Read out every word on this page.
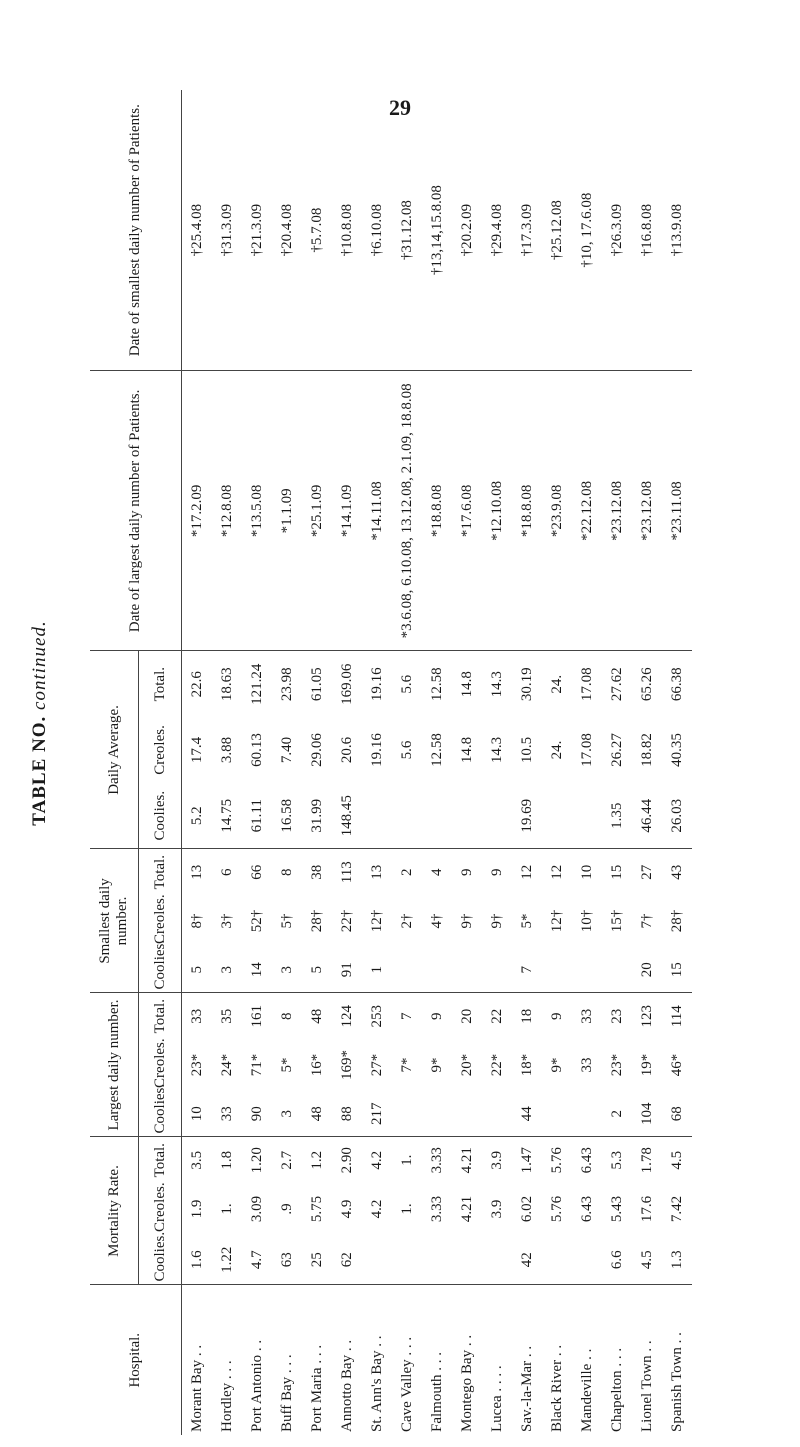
29
TABLE NO. continued.
Hospital.	Mortality Rate.			Largest daily number.			Smallest daily number.			Daily Average.			Date of largest daily number of Patients.	Date of smallest daily number of Patients.
	Coolies.	Creoles.	Total.	Coolies.	Creoles.	Total.	Coolies.	Creoles.	Total.	Coolies.	Creoles.	Total.		
Morant Bay . .	1.6	1.9	3.5	10	23*	33	5	8†	13	5.2	17.4	22.6	*17.2.09	†25.4.08
Hordley . . .	1.22	1.	1.8	33	24*	35	3	3†	6	14.75	3.88	18.63	*12.8.08	†31.3.09
Port Antonio . .	4.7	3.09	1.20	90	71*	161	14	52†	66	61.11	60.13	121.24	*13.5.08	†21.3.09
Buff Bay . . .	63	.9	2.7	3	5*	8	3	5†	8	16.58	7.40	23.98	*1.1.09	†20.4.08
Port Maria . . .	25	5.75	1.2	48	16*	48	5	28†	38	31.99	29.06	61.05	*25.1.09	†5.7.08
Annotto Bay . .	62	4.9	2.90	88	169*	124	91	22†	113	148.45	20.6	169.06	*14.1.09	†10.8.08
St. Ann's Bay . .		4.2	4.2	217	27*	253	1	12†	13		19.16	19.16	*14.11.08	†6.10.08
Cave Valley . . .		1.	1.		7*	7		2†	2		5.6	5.6	*3.6.08, 6.10.08, 13.12.08, 2.1.09, 18.8.08	†31.12.08
Falmouth . . .		3.33	3.33		9*	9		4†	4		12.58	12.58	*18.8.08	†13,14,15.8.08
Montego Bay . .		4.21	4.21		20*	20		9†	9		14.8	14.8	*17.6.08	†20.2.09
Lucea . . . .		3.9	3.9		22*	22		9†	9		14.3	14.3	*12.10.08	†29.4.08
Sav.-la-Mar . .	42	6.02	1.47	44	18*	18	7	5*	12	19.69	10.5	30.19	*18.8.08	†17.3.09
Black River . .		5.76	5.76		9*	9		12†	12		24.	24.	*23.9.08	†25.12.08
Mandeville . .		6.43	6.43		33	33		10†	10		17.08	17.08	*22.12.08	†10, 17.6.08
Chapelton . . .	6.6	5.43	5.3	2	23*	23		15†	15	1.35	26.27	27.62	*23.12.08	†26.3.09
Lionel Town . .	4.5	17.6	1.78	104	19*	123	20	7†	27	46.44	18.82	65.26	*23.12.08	†16.8.08
Spanish Town . .	1.3	7.42	4.5	68	46*	114	15	28†	43	26.03	40.35	66.38	*23.11.08	†13.9.08
